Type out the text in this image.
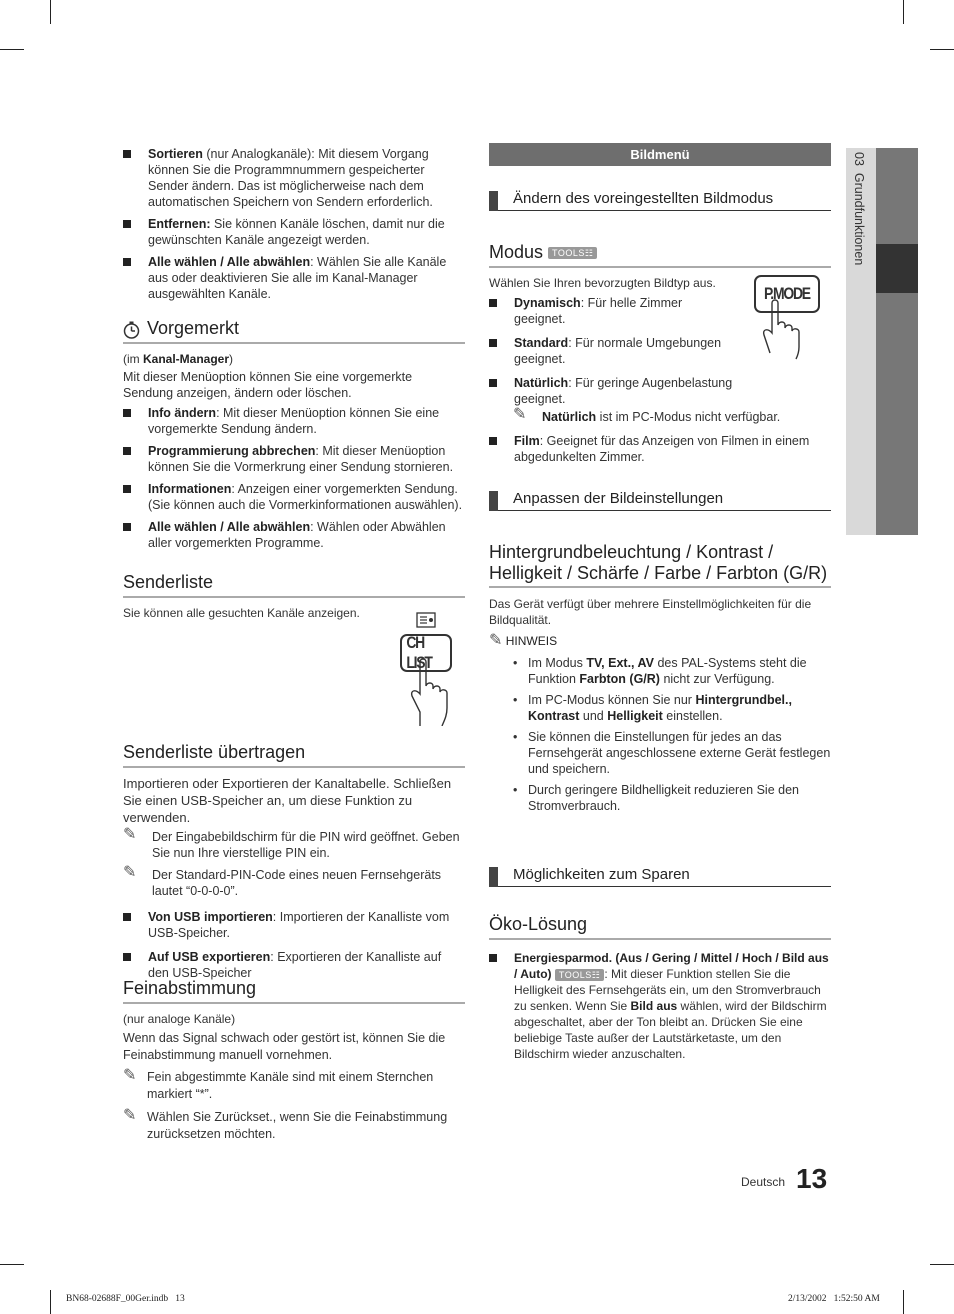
03  Grundfunktionen
Sortieren (nur Analogkanäle): Mit diesem Vorgang können Sie die Programmnummern gespeicherter Sender ändern. Das ist möglicherweise nach dem automatischen Speichern von Sendern erforderlich.
Entfernen: Sie können Kanäle löschen, damit nur die gewünschten Kanäle angezeigt werden.
Alle wählen / Alle abwählen: Wählen Sie alle Kanäle aus oder deaktivieren Sie alle im Kanal-Manager ausgewählten Kanäle.
Vorgemerkt
(im Kanal-Manager)
Mit dieser Menüoption können Sie eine vorgemerkte Sendung anzeigen, ändern oder löschen.
Info ändern: Mit dieser Menüoption können Sie eine vorgemerkte Sendung ändern.
Programmierung abbrechen: Mit dieser Menüoption können Sie die Vormerkrung einer Sendung stornieren.
Informationen: Anzeigen einer vorgemerkten Sendung. (Sie können auch die Vormerkinformationen auswählen).
Alle wählen / Alle abwählen: Wählen oder Abwählen aller vorgemerkten Programme.
Senderliste
Sie können alle gesuchten Kanäle anzeigen.
CH LIST
Senderliste übertragen
Importieren oder Exportieren der Kanaltabelle. Schließen Sie einen USB-Speicher an, um diese Funktion zu verwenden.
✎ Der Eingabebildschirm für die PIN wird geöffnet. Geben Sie nun Ihre vierstellige PIN ein.
✎ Der Standard-PIN-Code eines neuen Fernsehgeräts lautet “0-0-0-0”.
Von USB importieren: Importieren der Kanalliste vom USB-Speicher.
Auf USB exportieren: Exportieren der Kanalliste auf den USB-Speicher
Feinabstimmung
(nur analoge Kanäle)
Wenn das Signal schwach oder gestört ist, können Sie die Feinabstimmung manuell vornehmen.
✎ Fein abgestimmte Kanäle sind mit einem Sternchen markiert “*”.
✎ Wählen Sie Zurückset., wenn Sie die Feinabstimmung zurücksetzen möchten.
Bildmenü
Ändern des voreingestellten Bildmodus
Modus TOOLS☷
Wählen Sie Ihren bevorzugten Bildtyp aus.
Dynamisch: Für helle Zimmer geeignet.
Standard: Für normale Umgebungen geeignet.
Natürlich: Für geringe Augenbelastung geeignet.
✎ Natürlich ist im PC-Modus nicht verfügbar.
Film: Geeignet für das Anzeigen von Filmen in einem abgedunkelten Zimmer.
P.MODE
Anpassen der Bildeinstellungen
Hintergrundbeleuchtung / Kontrast / Helligkeit / Schärfe / Farbe / Farbton (G/R)
Das Gerät verfügt über mehrere Einstellmöglichkeiten für die Bildqualität.
✎ HINWEIS
• Im Modus TV, Ext., AV des PAL-Systems steht die Funktion Farbton (G/R) nicht zur Verfügung.
• Im PC-Modus können Sie nur Hintergrundbel., Kontrast und Helligkeit einstellen.
• Sie können die Einstellungen für jedes an das Fernsehgerät angeschlossene externe Gerät festlegen und speichern.
• Durch geringere Bildhelligkeit reduzieren Sie den Stromverbrauch.
Möglichkeiten zum Sparen
Öko-Lösung
Energiesparmod. (Aus / Gering / Mittel / Hoch / Bild aus / Auto) TOOLS☷ : Mit dieser Funktion stellen Sie die Helligkeit des Fernsehgeräts ein, um den Stromverbrauch zu senken. Wenn Sie Bild aus wählen, wird der Bildschirm abgeschaltet, aber der Ton bleibt an. Drücken Sie eine beliebige Taste außer der Lautstärketaste, um den Bildschirm wieder anzuschalten.
Deutsch 13
BN68-02688F_00Ger.indb   13	2/13/2002   1:52:50 AM
